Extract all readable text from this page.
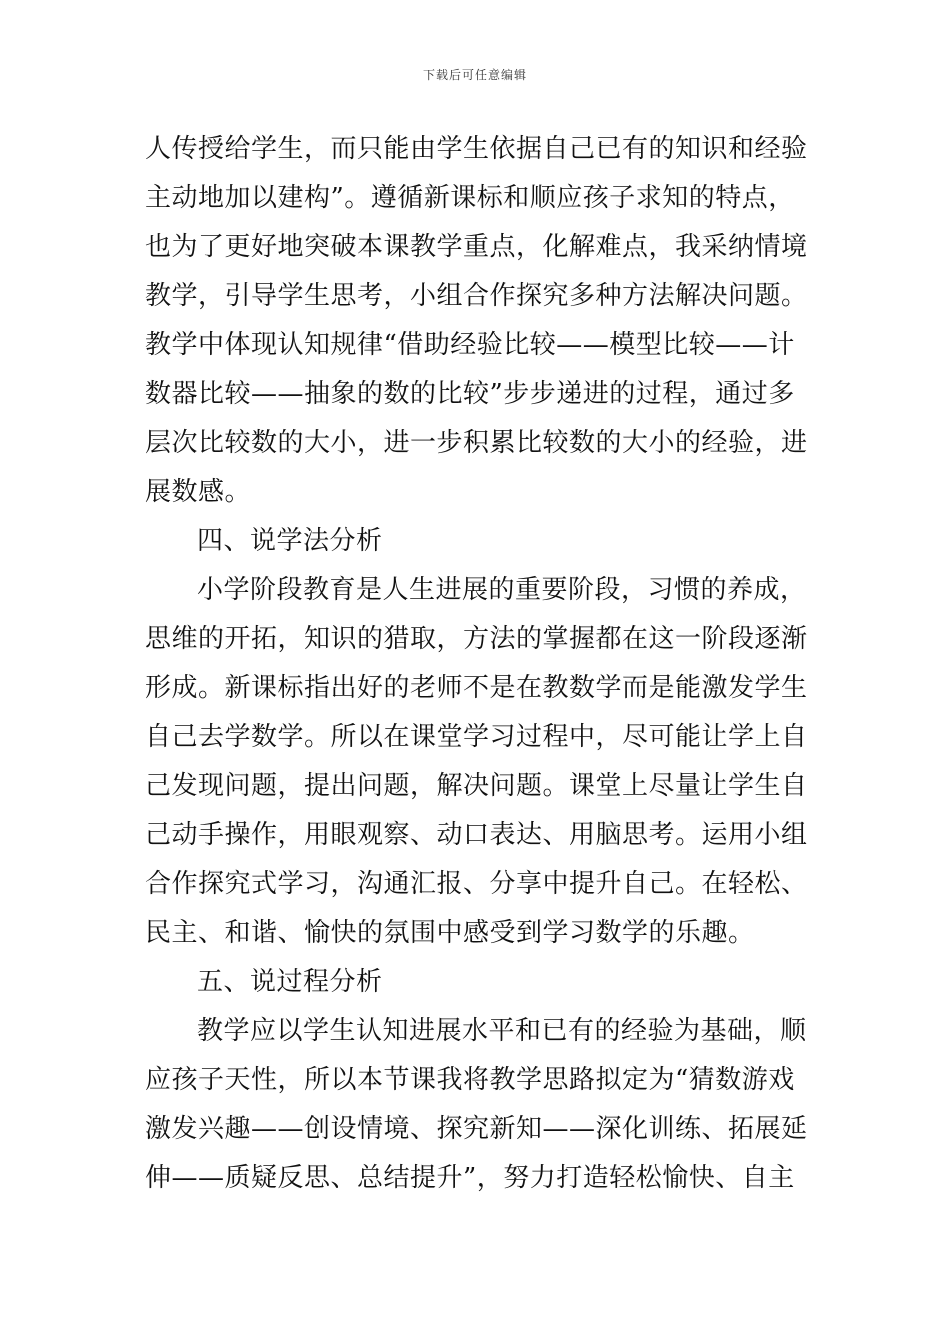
下载后可任意编辑
人传授给学生，而只能由学生依据自己已有的知识和经验
主动地加以建构”。遵循新课标和顺应孩子求知的特点，
也为了更好地突破本课教学重点，化解难点，我采纳情境
教学，引导学生思考，小组合作探究多种方法解决问题。
教学中体现认知规律“借助经验比较——模型比较——计
数器比较——抽象的数的比较”步步递进的过程，通过多
层次比较数的大小，进一步积累比较数的大小的经验，进
展数感。
四、说学法分析
小学阶段教育是人生进展的重要阶段，习惯的养成，
思维的开拓，知识的猎取，方法的掌握都在这一阶段逐渐
形成。新课标指出好的老师不是在教数学而是能激发学生
自己去学数学。所以在课堂学习过程中，尽可能让学上自
己发现问题，提出问题，解决问题。课堂上尽量让学生自
己动手操作，用眼观察、动口表达、用脑思考。运用小组
合作探究式学习，沟通汇报、分享中提升自己。在轻松、
民主、和谐、愉快的氛围中感受到学习数学的乐趣。
五、说过程分析
教学应以学生认知进展水平和已有的经验为基础，顺
应孩子天性，所以本节课我将教学思路拟定为“猜数游戏
激发兴趣——创设情境、探究新知——深化训练、拓展延
伸——质疑反思、总结提升”，努力打造轻松愉快、自主
